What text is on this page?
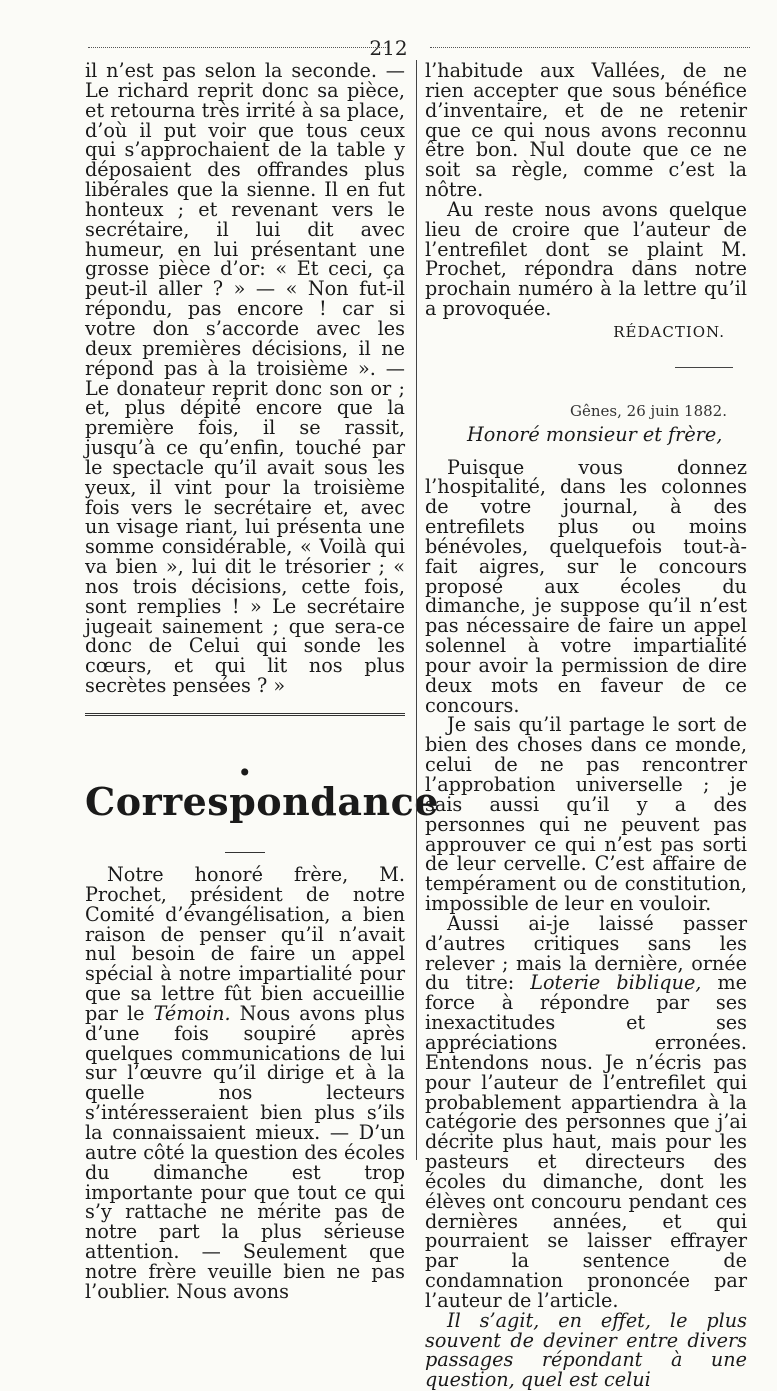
212

il n’est pas selon la seconde. — Le richard reprit donc sa pièce, et retourna très irrité à sa place, d’où il put voir que tous ceux qui s’approchaient de la table y déposaient des offrandes plus libérales que la sienne. Il en fut honteux ; et revenant vers le secrétaire, il lui dit avec humeur, en lui présentant une grosse pièce d’or: « Et ceci, ça peut-il aller ? » — « Non fut-il répondu, pas encore ! car si votre don s’accorde avec les deux premières décisions, il ne répond pas à la troisième ». — Le donateur reprit donc son or ; et, plus dépité encore que la première fois, il se rassit, jusqu’à ce qu’enfin, touché par le spectacle qu’il avait sous les yeux, il vint pour la troisième fois vers le secrétaire et, avec un visage riant, lui présenta une somme considérable, « Voilà qui va bien », lui dit le trésorier ; « nos trois décisions, cette fois, sont remplies ! » Le secrétaire jugeait sainement ; que sera-ce donc de Celui qui sonde les cœurs, et qui lit nos plus secrètes pensées ? »

. Correspondance

Notre honoré frère, M. Prochet, président de notre Comité d’évangélisation, a bien raison de penser qu’il n’avait nul besoin de faire un appel spécial à notre impartialité pour que sa lettre fût bien accueillie par le Témoin. Nous avons plus d’une fois soupiré après quelques communications de lui sur l’œuvre qu’il dirige et à la quelle nos lecteurs s’intéresseraient bien plus s’ils la connaissaient mieux. — D’un autre côté la question des écoles du dimanche est trop importante pour que tout ce qui s’y rattache ne mérite pas de notre part la plus sérieuse attention. — Seulement que notre frère veuille bien ne pas l’oublier. Nous avons

l’habitude aux Vallées, de ne rien accepter que sous bénéfice d’inventaire, et de ne retenir que ce qui nous avons reconnu être bon. Nul doute que ce ne soit sa règle, comme c’est la nôtre.

Au reste nous avons quelque lieu de croire que l’auteur de l’entrefilet dont se plaint M. Prochet, répondra dans notre prochain numéro à la lettre qu’il a provoquée.

RÉDACTION.

Gênes, 26 juin 1882.

Honoré monsieur et frère,

Puisque vous donnez l’hospitalité, dans les colonnes de votre journal, à des entrefilets plus ou moins bénévoles, quelquefois tout-à-fait aigres, sur le concours proposé aux écoles du dimanche, je suppose qu’il n’est pas nécessaire de faire un appel solennel à votre impartialité pour avoir la permission de dire deux mots en faveur de ce concours.

Je sais qu’il partage le sort de bien des choses dans ce monde, celui de ne pas rencontrer l’approbation universelle ; je sais aussi qu’il y a des personnes qui ne peuvent pas approuver ce qui n’est pas sorti de leur cervelle. C’est affaire de tempérament ou de constitution, impossible de leur en vouloir.

Aussi ai-je laissé passer d’autres critiques sans les relever ; mais la dernière, ornée du titre: Loterie biblique, me force à répondre par ses inexactitudes et ses appréciations erronées. Entendons nous. Je n’écris pas pour l’auteur de l’entrefilet qui probablement appartiendra à la catégorie des personnes que j’ai décrite plus haut, mais pour les pasteurs et directeurs des écoles du dimanche, dont les élèves ont concouru pendant ces dernières années, et qui pourraient se laisser effrayer par la sentence de condamnation prononcée par l’auteur de l’article.

Il s’agit, en effet, le plus souvent de deviner entre divers passages répondant à une question, quel est celui
